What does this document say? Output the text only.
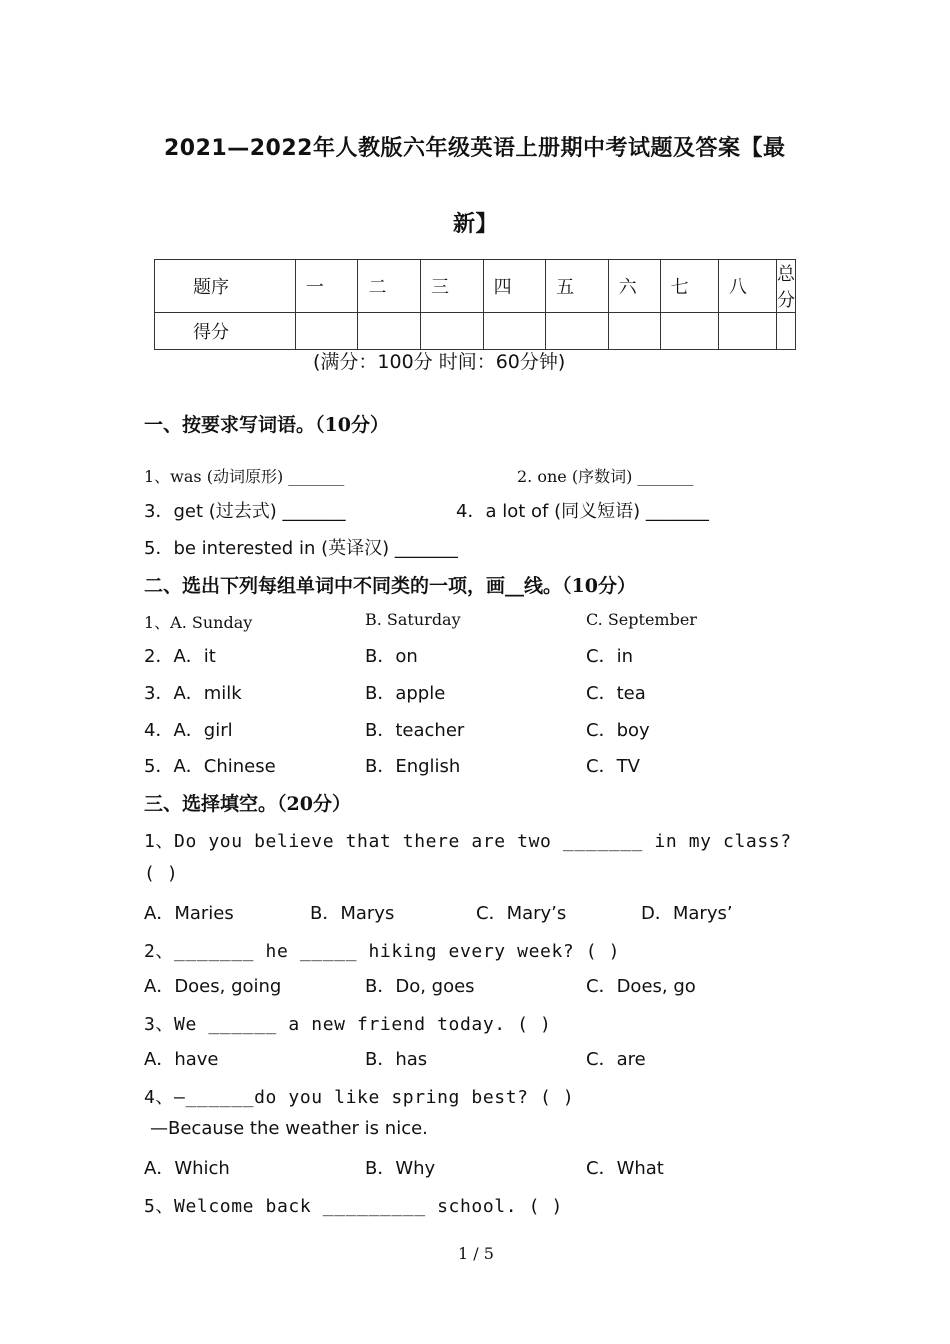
2021—2022年人教版六年级英语上册期中考试题及答案【最
新】
题序	一	二	三	四	五	六	七	八	总分
得分									
(满分：100分 时间：60分钟)
一、按要求写词语。（10分）
1、was (动词原形) _______	2. one (序数词) _______
3．get (过去式) _______	4．a lot of (同义短语) _______
5．be interested in (英译汉) _______
二、选出下列每组单词中不同类的一项，画__线。（10分）
1、A. Sunday	B. Saturday	C. September
2．A．it	B．on	C．in
3．A．milk	B．apple	C．tea
4．A．girl	B．teacher	C．boy
5．A．Chinese	B．English	C．TV
三、选择填空。（20分）
1、Do you believe that there are two _______ in my class?
( )
A．Maries	B．Marys	C．Mary’s	D．Marys’
2、_______ he _____ hiking every week? ( )
A．Does, going	B．Do, goes	C．Does, go
3、We ______ a new friend today. ( )
A．have	B．has	C．are
4、—______do you like spring best? ( )
—Because the weather is nice.
A．Which	B．Why	C．What
5、Welcome back _________ school. ( )
1 / 5
